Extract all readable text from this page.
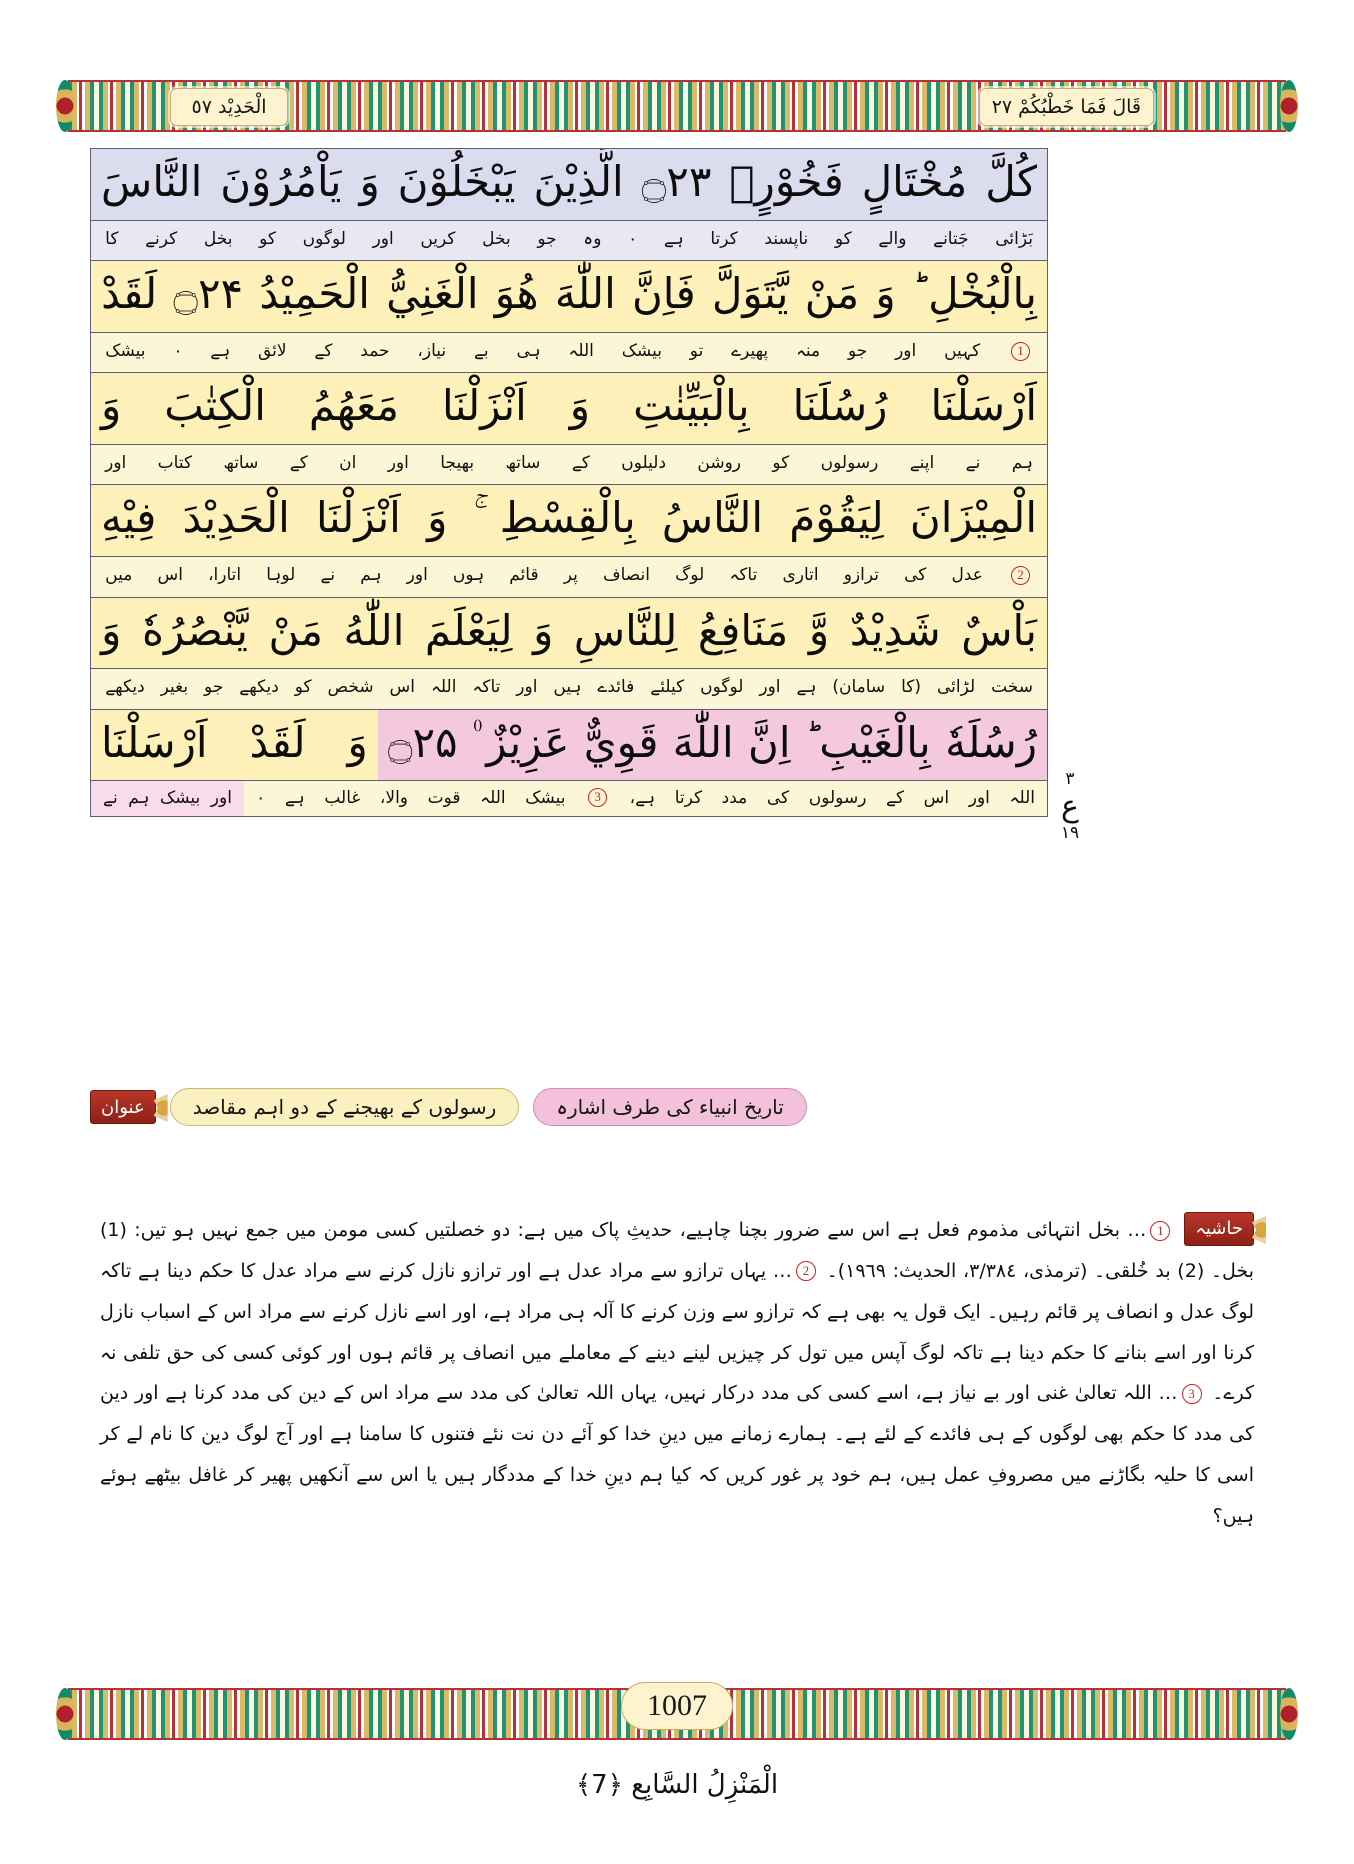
الْحَدِيْد ٥٧	قَالَ فَمَا خَطْبُكُمْ ٢٧
كُلَّ
مُخْتَالٍ
فَخُوْرٍۙ
۝۲۳
الَّذِيْنَ
يَبْخَلُوْنَ
وَ
يَاْمُرُوْنَ
النَّاسَ
بَڑائی
جَتانے
والے
کو
ناپسند
کرتا
ہے
۰
وہ
جو
بخل
کریں
اور
لوگوں
کو
بخل
کرنے
کا
بِالْبُخْلِ
وَ
مَنْ
يَّتَوَلَّ
فَاِنَّ
اللّٰهَ
هُوَ
الْغَنِيُّ
الْحَمِيْدُ
۝۲۴
لَقَدْ
1
کہیں
اور
جو
منہ
پھیرے
تو
بیشک
اللہ
ہی
بے
نیاز،
حمد
کے
لائق
ہے
۰
بیشک
اَرْسَلْنَا
رُسُلَنَا
بِالْبَيِّنٰتِ
وَ
اَنْزَلْنَا
مَعَهُمُ
الْكِتٰبَ
وَ
ہم
نے
اپنے
رسولوں
کو
روشن
دلیلوں
کے
ساتھ
بھیجا
اور
ان
کے
ساتھ
کتاب
اور
الْمِيْزَانَ
لِيَقُوْمَ
النَّاسُ
بِالْقِسْطِ
وَ
اَنْزَلْنَا
الْحَدِيْدَ
فِيْهِ
2
عدل
کی
ترازو
اتاری
تاکہ
لوگ
انصاف
پر
قائم
ہوں
اور
ہم
نے
لوہا
اتارا،
اس
میں
بَاْسٌ
شَدِيْدٌ
وَّ
مَنَافِعُ
لِلنَّاسِ
وَ
لِيَعْلَمَ
اللّٰهُ
مَنْ
يَّنْصُرُهٗ
وَ
سخت
لڑائی
(کا
سامان)
ہے
اور
لوگوں
کیلئے
فائدے
ہیں
اور
تاکہ
اللہ
اس
شخص
کو
دیکھے
جو
بغیر
دیکھے
وَ
لَقَدْ
اَرْسَلْنَا	رُسُلَهٗ
بِالْغَيْبِ
اِنَّ
اللّٰهَ
قَوِيٌّ
عَزِيْزٌ
۝۲۵
اور
بیشک
ہم
نے	اللہ
اور
اس
کے
رسولوں
کی
مدد
کرتا
ہے،
3
بیشک
اللہ
قوت
والا،
غالب
ہے
۰
٣
ع
١٩
عنوان	رسولوں کے بھیجنے کے دو اہم مقاصد	تاریخ انبیاء کی طرف اشارہ
حاشیہ

1… بخل انتہائی مذموم فعل ہے اس سے ضرور بچنا چاہیے، حدیثِ پاک میں ہے: دو خصلتیں کسی مومن میں جمع نہیں ہو تیں: (1) بخل۔ (2) بد خُلقی۔ (ترمذی، ٣/٣٨٤، الحدیث: ١٩٦٩)۔ 2… یہاں ترازو سے مراد عدل ہے اور ترازو نازل کرنے سے مراد عدل کا حکم دینا ہے تاکہ لوگ عدل و انصاف پر قائم رہیں۔ ایک قول یہ بھی ہے کہ ترازو سے وزن کرنے کا آلہ ہی مراد ہے، اور اسے نازل کرنے سے مراد اس کے اسباب نازل کرنا اور اسے بنانے کا حکم دینا ہے تاکہ لوگ آپس میں تول کر چیزیں لینے دینے کے معاملے میں انصاف پر قائم ہوں اور کوئی کسی کی حق تلفی نہ کرے۔ 3… اللہ تعالیٰ غنی اور بے نیاز ہے، اسے کسی کی مدد درکار نہیں، یہاں اللہ تعالیٰ کی مدد سے مراد اس کے دین کی مدد کرنا ہے اور دین کی مدد کا حکم بھی لوگوں کے ہی فائدے کے لئے ہے۔ ہمارے زمانے میں دینِ خدا کو آئے دن نت نئے فتنوں کا سامنا ہے اور آج لوگ دین کا نام لے کر اسی کا حلیہ بگاڑنے میں مصروفِ عمل ہیں، ہم خود پر غور کریں کہ کیا ہم دینِ خدا کے مددگار ہیں یا اس سے آنکھیں پھیر کر غافل بیٹھے ہوئے ہیں؟

1007
الْمَنْزِلُ السَّابِع ﴿7﴾
